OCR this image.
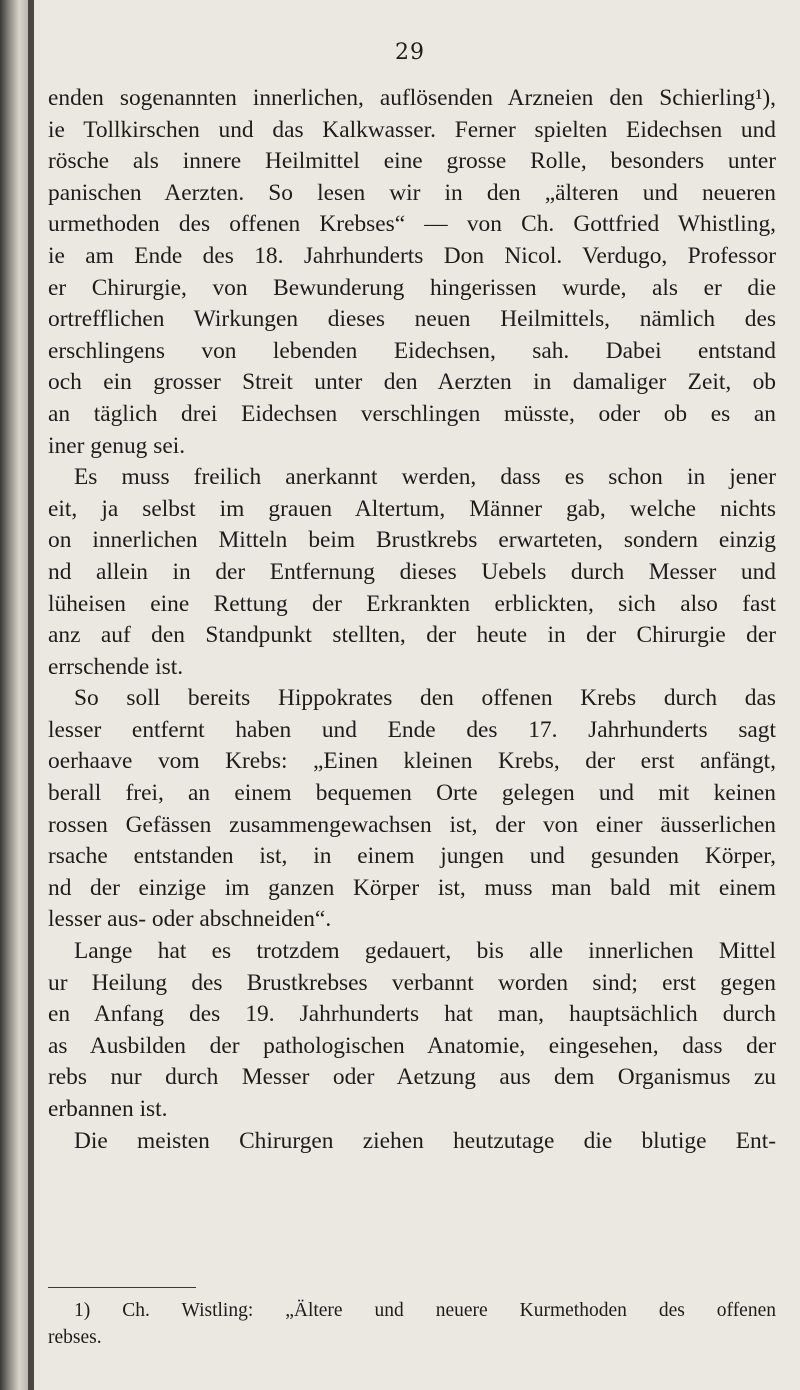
29
enden sogenannten innerlichen, auflösenden Arzneien den Schierling¹),
ie Tollkirschen und das Kalkwasser. Ferner spielten Eidechsen und
rösche als innere Heilmittel eine grosse Rolle, besonders unter
panischen Aerzten. So lesen wir in den „älteren und neueren
urmethoden des offenen Krebses“ — von Ch. Gottfried Whistling,
ie am Ende des 18. Jahrhunderts Don Nicol. Verdugo, Professor
er Chirurgie, von Bewunderung hingerissen wurde, als er die
ortrefflichen Wirkungen dieses neuen Heilmittels, nämlich des
erschlingens von lebenden Eidechsen, sah. Dabei entstand
och ein grosser Streit unter den Aerzten in damaliger Zeit, ob
an täglich drei Eidechsen verschlingen müsste, oder ob es an
iner genug sei.
Es muss freilich anerkannt werden, dass es schon in jener
eit, ja selbst im grauen Altertum, Männer gab, welche nichts
on innerlichen Mitteln beim Brustkrebs erwarteten, sondern einzig
nd allein in der Entfernung dieses Uebels durch Messer und
lüheisen eine Rettung der Erkrankten erblickten, sich also fast
anz auf den Standpunkt stellten, der heute in der Chirurgie der
errschende ist.
So soll bereits Hippokrates den offenen Krebs durch das
lesser entfernt haben und Ende des 17. Jahrhunderts sagt
oerhaave vom Krebs: „Einen kleinen Krebs, der erst anfängt,
berall frei, an einem bequemen Orte gelegen und mit keinen
rossen Gefässen zusammengewachsen ist, der von einer äusserlichen
rsache entstanden ist, in einem jungen und gesunden Körper,
nd der einzige im ganzen Körper ist, muss man bald mit einem
lesser aus- oder abschneiden“.
Lange hat es trotzdem gedauert, bis alle innerlichen Mittel
ur Heilung des Brustkrebses verbannt worden sind; erst gegen
en Anfang des 19. Jahrhunderts hat man, hauptsächlich durch
as Ausbilden der pathologischen Anatomie, eingesehen, dass der
rebs nur durch Messer oder Aetzung aus dem Organismus zu
erbannen ist.
Die meisten Chirurgen ziehen heutzutage die blutige Ent-
1) Ch. Wistling: „Ältere und neuere Kurmethoden des offenen
rebses.
